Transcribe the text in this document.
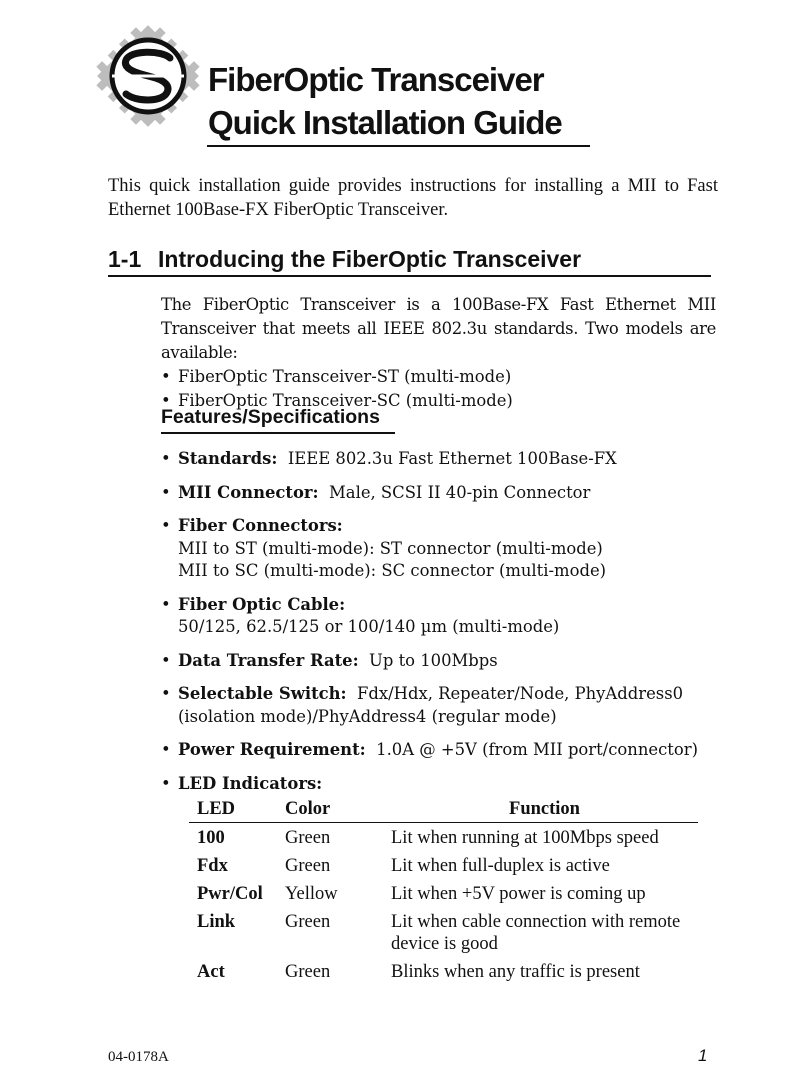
FiberOptic Transceiver
Quick Installation Guide
This quick installation guide provides instructions for installing a MII to Fast Ethernet 100Base-FX FiberOptic Transceiver.
1-1 Introducing the FiberOptic Transceiver
The FiberOptic Transceiver is a 100Base-FX Fast Ethernet MII Transceiver that meets all IEEE 802.3u standards. Two models are available:
• FiberOptic Transceiver-ST (multi-mode)
• FiberOptic Transceiver-SC (multi-mode)
Features/Specifications
• Standards: IEEE 802.3u Fast Ethernet 100Base-FX
• MII Connector: Male, SCSI II 40-pin Connector
• Fiber Connectors:
MII to ST (multi-mode): ST connector (multi-mode)
MII to SC (multi-mode): SC connector (multi-mode)
• Fiber Optic Cable:
50/125, 62.5/125 or 100/140 µm (multi-mode)
• Data Transfer Rate: Up to 100Mbps
• Selectable Switch: Fdx/Hdx, Repeater/Node, PhyAddress0 (isolation mode)/PhyAddress4 (regular mode)
• Power Requirement: 1.0A @ +5V (from MII port/connector)
• LED Indicators:
LED	Color	Function
100	Green	Lit when running at 100Mbps speed
Fdx	Green	Lit when full-duplex is active
Pwr/Col	Yellow	Lit when +5V power is coming up
Link	Green	Lit when cable connection with remote device is good
Act	Green	Blinks when any traffic is present
04-0178A	1
